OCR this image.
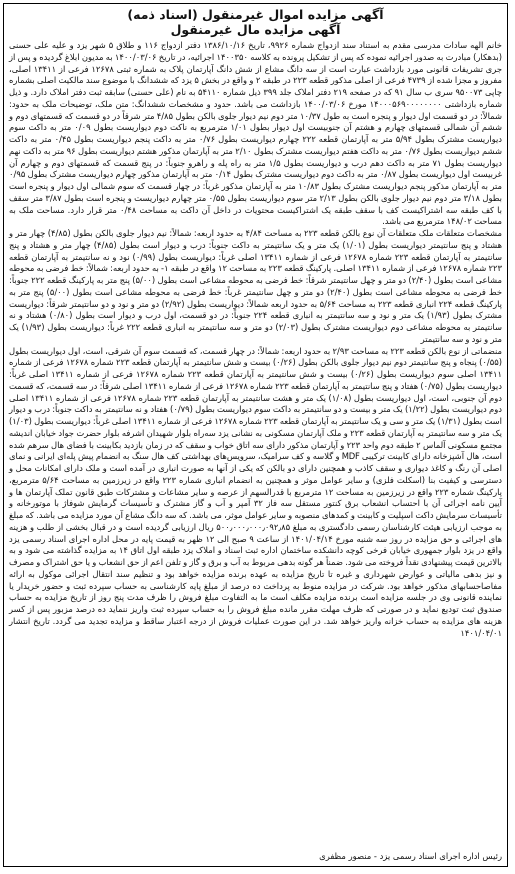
آگهی مزایده اموال غیرمنقول (اسناد ذمه)
آگهی مزایده مال غیرمنقول
خانم الهه سادات مدرسی مقدم به استناد سند ازدواج شماره ۹۹۲۶، تاریخ ۱۳۸۶/۱۰/۱۶ دفتر ازدواج ۱۱۶ و طلاق ۵ شهر یزد و علیه علی حسنی (بدهکار) مبادرت به صدور اجرائیه نموده که پس از تشکیل پرونده به کلاسه ۱۴۰۰۳۵۰ اجرائیه، در تاریخ ۱۴۰۰/۰۳/۰۶ به مدیون ابلاغ گردیده و پس از جری تشریفات قانونی مورد بازداشت عبارت است از سه دانگ مشاع از شش دانگ آپارتمان پلاک به شماره ثبتی ۱۲۶۷۸ فرعی از ۱۳۴۱۱ اصلی، مفروز و مجزا شده از ۴۷۳۹ فرعی از اصلی مذکور قطعه ۲۲۳ در طبقه ۲ و واقع در بخش ۵ یزد که ششدانگ با موضوع سند مالکیت اصلی بشماره چاپی ۹۵۰۰۷۳ سری ب سال ۹۱ که در صفحه ۲۱۹ دفتر املاک جلد ۳۹۹ ذیل شماره ۵۴۱۱۰ به نام (علی حسنی) سابقه ثبت دفتر املاک دارد. و ذیل شماره بازداشتی ۱۴۰۰۰۵۶۹۰۰۰۰۰۰۰۰ مورخ ۱۴۰۰/۰۳/۰۶ بازداشت می باشد. حدود و مشخصات ششدانگ: متن ملک، توضیحات ملک به حدود: شمالاً: در دو قسمت اول دیوار و پنجره است به طول ۱۰/۳۷ متر دوم نیم دیوار جلوی بالکن بطول ۴/۸۵ متر شرقاً در دو قسمت که قسمتهای دوم و ششم آن شمالی قسمتهای چهارم و هشتم آن جنوبیست اول دیوار بطول ۱/۰۱ مترمربع به ناکت دوم دیواریست بطول ۰/۰۹ متر به داکت سوم دیواریست مشترک بطول ۵/۹۴ متر به آپارتمان قطعه ۲۲۲ چهارم دیواریست بطول ۰/۷۶ متر به داکت پنجم دیواریست بطول ۰/۴۵ متر به داکت ششم دیواریست بطول ۰/۷۶ متر به داکت هفتم دیواریست مشترک بطول ۲/۱۰ متر به آپارتمان مذکور هشتم دیواریست بطول ۹۶ متر به داکت نهم دیواریست بطول ۷۱ متر به داکت دهم درب و دیواریست بطول ۱/۵ متر به راه پله و راهرو جنوباً: در پنج قسمت که قسمتهای دوم و چهارم آن غربیست اول دیواریست بطول ۰/۸۷ متر به داکت دوم دیواریست مشترک بطول ۰/۱۴ متر به آپارتمان مذکور چهارم دیواریست مشترک بطول ۰/۹۵ متر به آپارتمان مذکور پنجم دیواریست مشترک بطول ۱۰/۸۳ متر به آپارتمان مذکور غرباً: در چهار قسمت که سوم شمالی اول دیوار و پنجره است بطول ۳/۱۸ متر دوم نیم دیوار جلوی بالکن بطول ۲/۱۳ متر سوم دیواریست بطول ۰/۵۵ متر چهارم دیواریست و پنجره است بطول ۳/۸۷ متر سقف با کف طبقه سه اشتراکیست کف با سقف طبقه یک اشتراکیست محتویات در داخل آن داکت به مساحت ۰/۴۸ متر قرار دارد. مساحت ملک به مساحت ۱۴۸/۰۲ مترمربع می باشد.
مشخصات متعلقات ملک متعلقات آن نوع بالکن قطعه ۲۲۳ به مساحت ۴/۸۴ به حدود اربعه: شمالاً: نیم دیوار جلوی بالکن بطول (۴/۸۵) چهار متر و هشتاد و پنج سانتیمتر دیواریست بطول (۱/۰۱) یک متر و یک سانتیمتر به داکت جنوباً: درب و دیوار است بطول (۴/۸۵) چهار متر و هشتاد و پنج سانتیمتر به آپارتمان قطعه ۲۲۳ شماره ۱۲۶۷۸ فرعی از شماره ۱۳۴۱۱ اصلی غرباً: دیواریست بطول (۰/۹۹) نود و نه سانتیمتر به آپارتمان قطعه ۲۲۳ شماره ۱۲۶۷۸ فرعی از شماره ۱۳۴۱۱ اصلی. پارکینگ قطعه ۲۲۳ به مساحت ۱۲ واقع در طبقه ۱- به حدود اربعه: شمالاً: خط فرضی به محوطه مشاعی است بطول (۲/۴۰) دو متر و چهل سانتیمتر شرقاً: خط فرضی به محوطه مشاعی است بطول (۵/۰۰) پنج متر به پارکینگ قطعه ۲۲۲ جنوباً: خط فرضی به محوطه مشاعی است بطول (۲/۴۰) دو متر و چهل سانتیمتر غرباً: خط فرضی به محوطه مشاعی است بطول (۵/۰۰) پنج متر به پارکینگ قطعه ۲۲۴ انباری قطعه ۲۲۳ به مساحت ۵/۶۴ به حدود اربعه شمالاً: دیواریست بطول (۲/۹۲) دو متر و نود و دو سانتیمتر شرقاً: دیواریست مشترک بطول (۱/۹۳) یک متر و نود و سه سانتیمتر به انباری قطعه ۲۲۴ جنوباً: در دو قسمت، اول درب و دیوار است بطول (۰/۸۰) هشتاد و نه سانتیمتر به محوطه مشاعی دوم دیواریست مشترک بطول (۲/۰۳) دو متر و سه سانتیمتر به انباری قطعه ۲۲۲ غرباً: دیواریست بطول (۱/۹۳) یک متر و نود و سه سانتیمتر
منضماتی از نوع بالکن قطعه ۲۲۳ به مساحت ۲/۹۳ به حدود اربعه: شمالاً: در چهار قسمت، که قسمت سوم آن شرقی، است، اول دیواریست بطول (۰/۵۵) پنجاه و پنج سانتیمتر دوم نیم دیوار جلوی بالکن بطول (۰/۲۶) بیست و شش سانتیمتر به آپارتمان قطعه ۲۲۳ شماره ۱۲۶۷۸ فرعی از شماره ۱۳۴۱۱ اصلی سوم دیواریست بطول (۰/۲۶) بیست و شش سانتیمتر به آپارتمان قطعه ۲۲۳ شماره ۱۲۶۷۸ فرعی از شماره ۱۳۴۱۱ اصلی غرباً: دیواریست بطول (۰/۷۵) هفتاد و پنج سانتیمتر به آپارتمان قطعه ۲۲۳ شماره ۱۲۶۷۸ فرعی از شماره ۱۳۴۱۱ اصلی شرقاً: در سه قسمت، که قسمت دوم آن جنوبی، است، اول دیواریست بطول (۱/۰۸) یک متر و هشت سانتیمتر به آپارتمان قطعه ۲۲۳ شماره ۱۲۶۷۸ فرعی از شماره ۱۳۴۱۱ اصلی دوم دیواریست بطول (۱/۲۲) یک متر و بیست و دو سانتیمتر به داکت سوم دیواریست بطول (۰/۷۹) هفتاد و نه سانتیمتر به داکت جنوباً: درب و دیوار است بطول (۱/۳۱) یک متر و سی و یک سانتیمتر به آپارتمان قطعه ۲۲۳ شماره ۱۲۶۷۸ فرعی از شماره ۱۳۴۱۱ اصلی غرباً: دیواریست بطول (۱/۰۳) یک متر و سه سانتیمتر به آپارتمان قطعه ۲۲۳ و ملک آپارتمان مسکونی به نشانی یزد سه‌راه بلوار شهیدان اشرفه بلوار حضرت جواد خیابان اندیشه مجتمع مسکونی آلماس ۲ طبقه دوم واحد ۲۲۳ و آپارتمان مذکور دارای سه اتاق خواب و سقف که در زمان بازدید بکابینت با فضای هال سرهم شده است، هال آشپزخانه دارای کابینت ترکیبی MDF و گلاسه و کف سرامیک، سرویس‌های بهداشتی کف هال سنگ به انضمام پیش پله‌ای ایرانی و نمای اصلی آن رنگ و کاغذ دیواری و سقف کاذب و همچنین دارای دو بالکن که یکی از آنها به صورت انباری در آمده است و ملک دارای امکانات محل و دسترسی و کیفیت بنا (اسکلت فلزی) و سایر عوامل موثر و همچنین به انضمام انباری شماره ۲۲۳ واقع در زیرزمین به مساحت ۵/۶۴ مترمربع، پارکینگ شماره ۲۲۳ واقع در زیرزمین به مساحت ۱۲ مترمربع با قدرالسهم از عرصه و سایر مشاعات و مشترکات طبق قانون تملک آپارتمان ها و آیین نامه اجرائی آن با احتساب انشعاب برق کنتور مستقل سه فاز ۳۲ آمپر و آب و گاز مشترک و تأسیسات گرمایش شوفاژ با موتورخانه و تأسیسات سرمایش داکت اسپلیت و کابینت و کمدهای منصوبه و سایر عوامل موثر، می باشد. که سه دانگ مشاع آن مورد مزایده می باشد. که مبلغ به موجب ارزیابی هیئت کارشناسان رسمی دادگستری به مبلغ ۵۰۰٫۰۰۰٫۰۰۰٫۰۹۲٫۸۵ ریال ارزیابی گردیده است و در قبال بخشی از طلب و هزینه های اجرائی و حق مزایده در روز سه شنبه مورخ ۱۴۰۱/۰۴/۱۴ از ساعت ۹ صبح الی ۱۲ ظهر به قیمت پایه در محل اداره اجرای اسناد رسمی یزد واقع در یزد بلوار جمهوری خیابان فرخی کوچه دانشکده ساختمان اداره ثبت اسناد و املاک یزد طبقه اول اتاق ۱۴ به مزایده گذاشته می شود و به بالاترین قیمت پیشنهادی نقداً فروخته می شود. ضمناً هر گونه بدهی مربوط به آب و برق و گاز و تلفن اعم از حق انشعاب و یا حق اشتراک و مصرف و نیز بدهی مالیاتی و عوارض شهرداری و غیره تا تاریخ مزایده به عهده برنده مزایده خواهد بود و تنظیم سند انتقال اجرائی موکول به ارائه مفاصاحسابهای مذکور خواهد بود. شرکت در مزایده منوط به پرداخت ده درصد از مبلغ پایه کارشناسی به حساب سپرده ثبت و حضور خریدار یا نماینده قانونی وی در جلسه مزایده است برنده مزایده مکلف است ما به التفاوت مبلغ فروش را ظرف مدت پنج روز از تاریخ مزایده به حساب صندوق ثبت تودیع نماید و در صورتی که ظرف مهلت مقرر مانده مبلغ فروش را به حساب سپرده ثبت واریز ننماید ده درصد مزبور پس از کسر هزینه های مزایده به حساب خزانه واریز خواهد شد. در این صورت عملیات فروش از درجه اعتبار ساقط و مزایده تجدید می گردد. تاریخ انتشار ۱۴۰۱/۰۴/۰۱
رئیس اداره اجرای اسناد رسمی یزد - منصور مظفری
